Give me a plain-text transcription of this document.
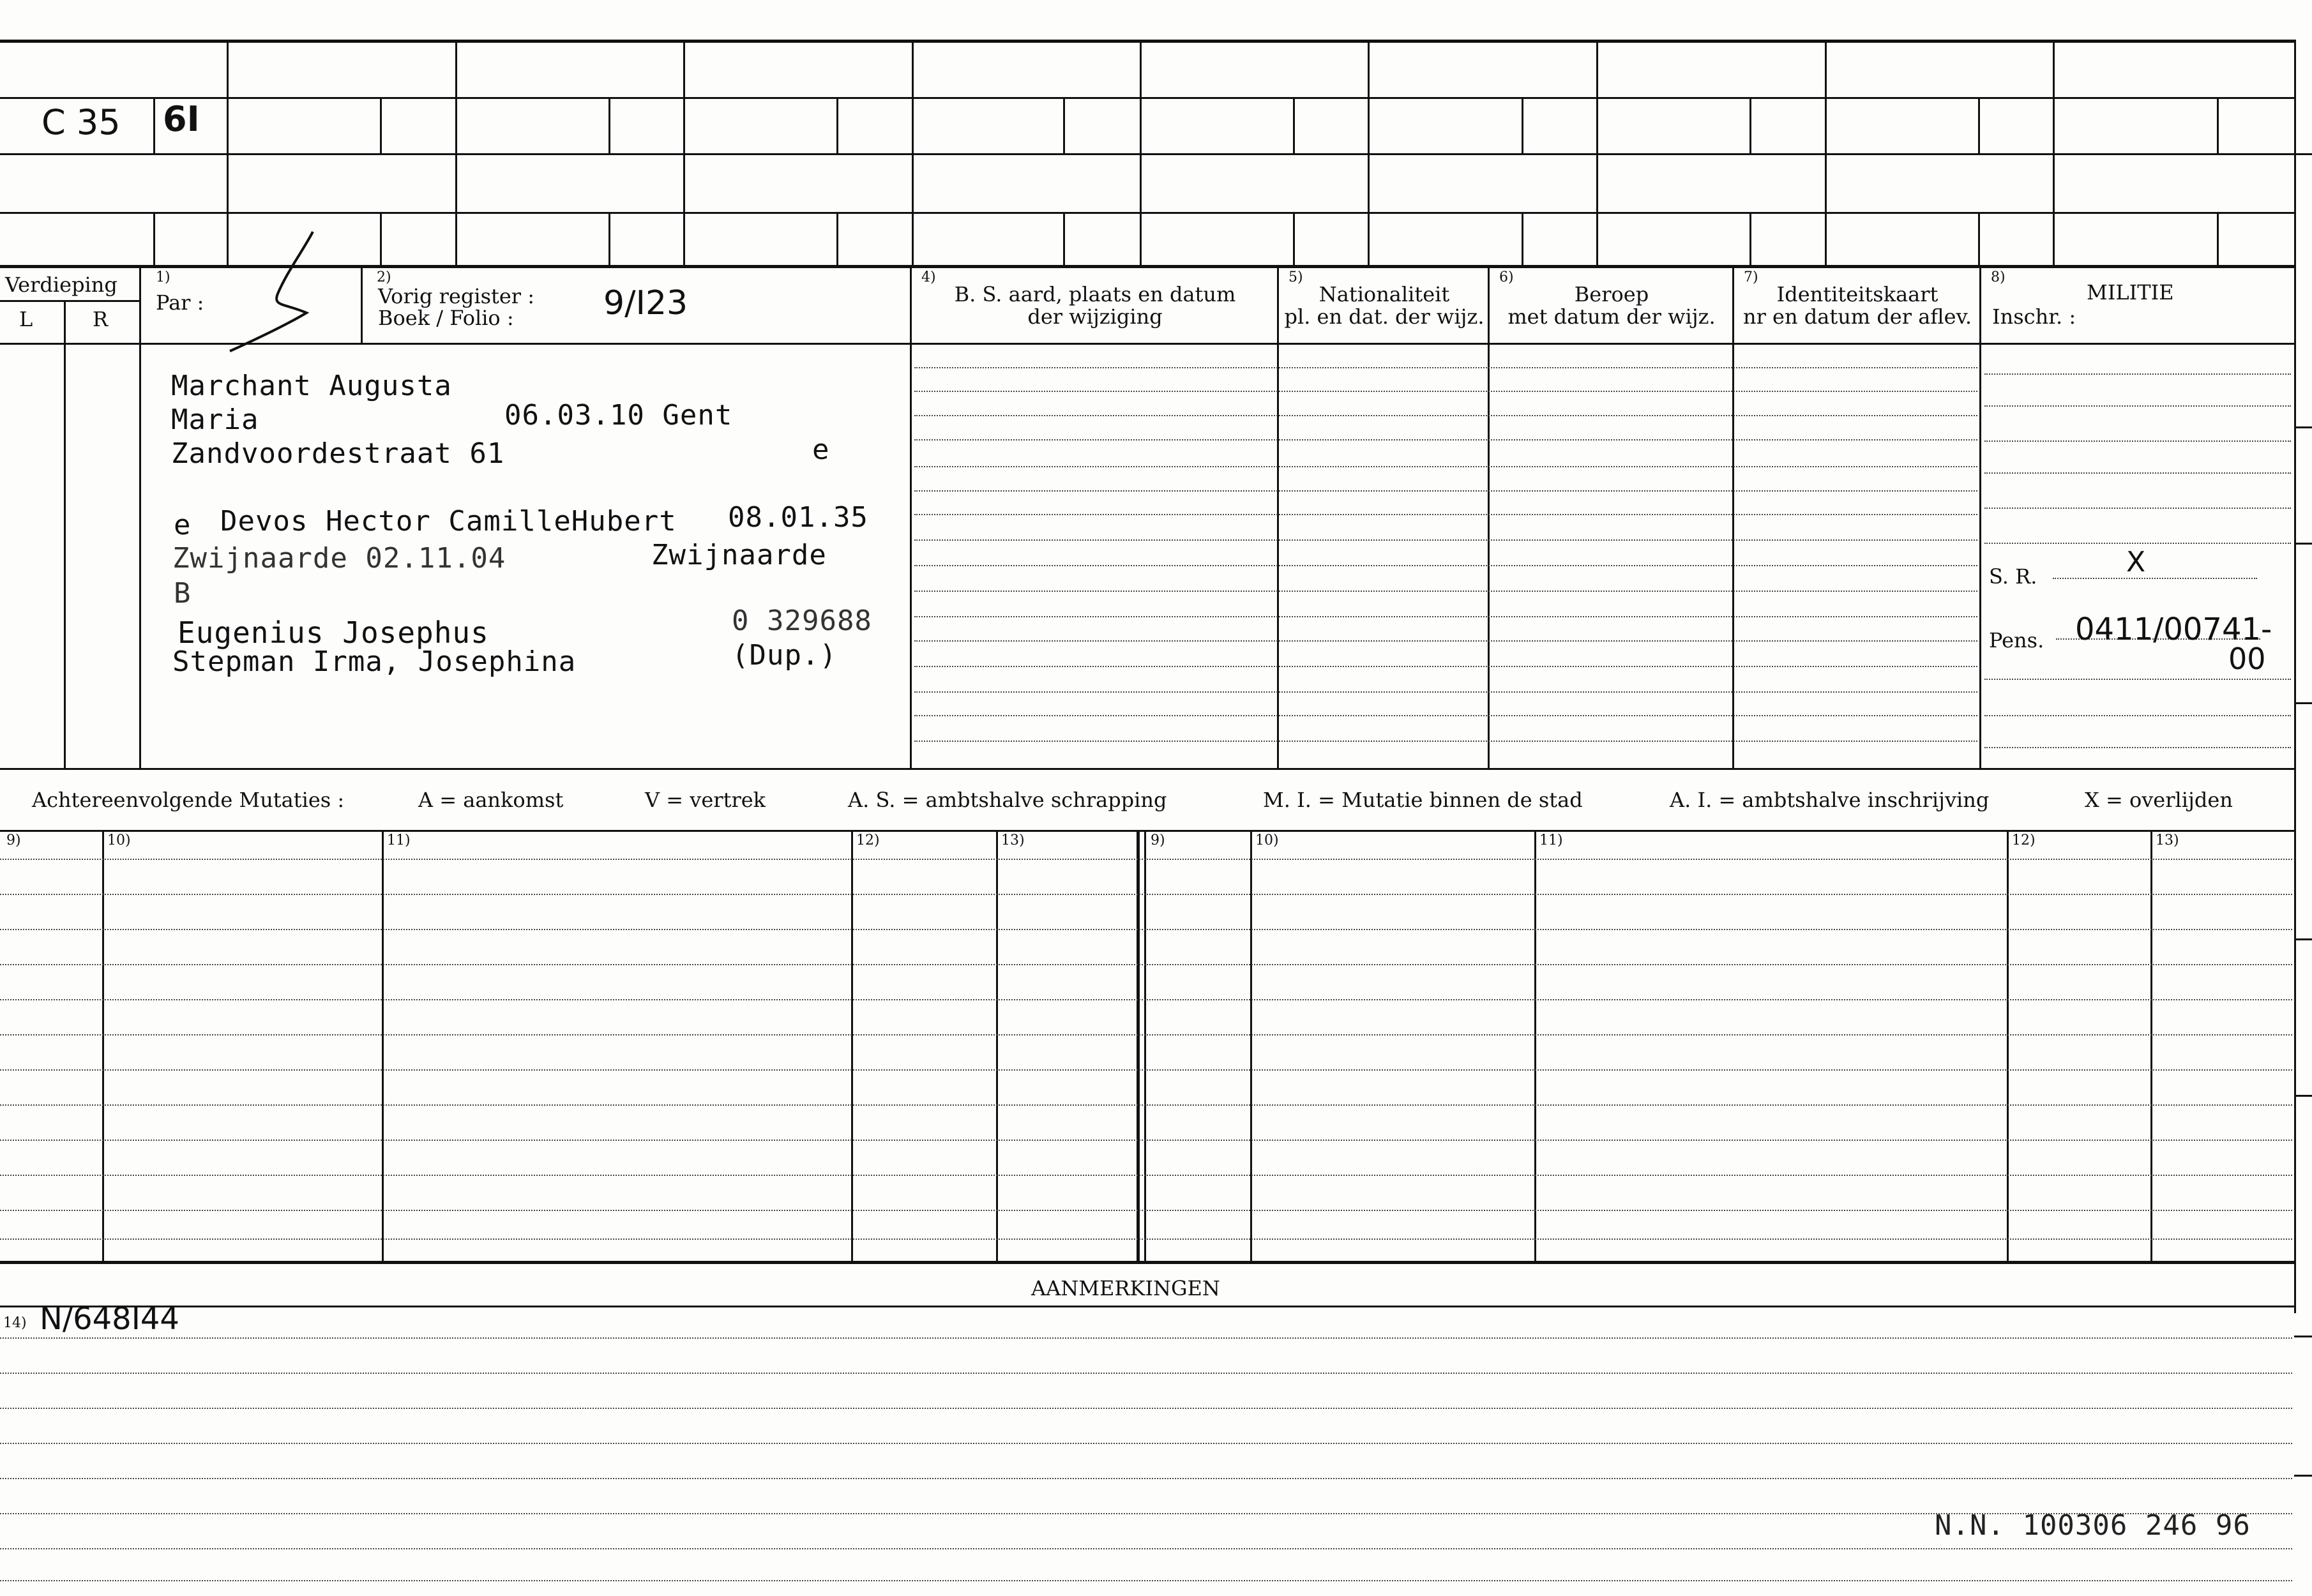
C 35 6I
Verdieping
L	R
1)
Par :
2)
Vorig register :
Boek / Folio :	9/I23
4)
B. S. aard, plaats en datum
der wijziging
5)
Nationaliteit
pl. en dat. der wijz.
6)
Beroep
met datum der wijz.
7)
Identiteitskaart
nr en datum der aflev.
8)
MILITIE
Inschr. :
S. R.	X
Pens. 0411/00741-
00
Marchant Augusta
Maria	06.03.10 Gent
Zandvoordestraat 61	e
e Devos Hector CamilleHubert 08.01.35
Zwijnaarde 02.11.04	Zwijnaarde
B
Eugenius Josephus	0 329688
Stepman Irma, Josephina	(Dup.)
Achtereenvolgende Mutaties :	A = aankomst	V = vertrek	A. S. = ambtshalve schrapping	M. I. = Mutatie binnen de stad	A. I. = ambtshalve inschrijving	X = overlijden
9)	10)	11)	12)	13)	9)	10)	11)	12)	13)
AANMERKINGEN
14) N/648I44
N.N. 100306 246 96
